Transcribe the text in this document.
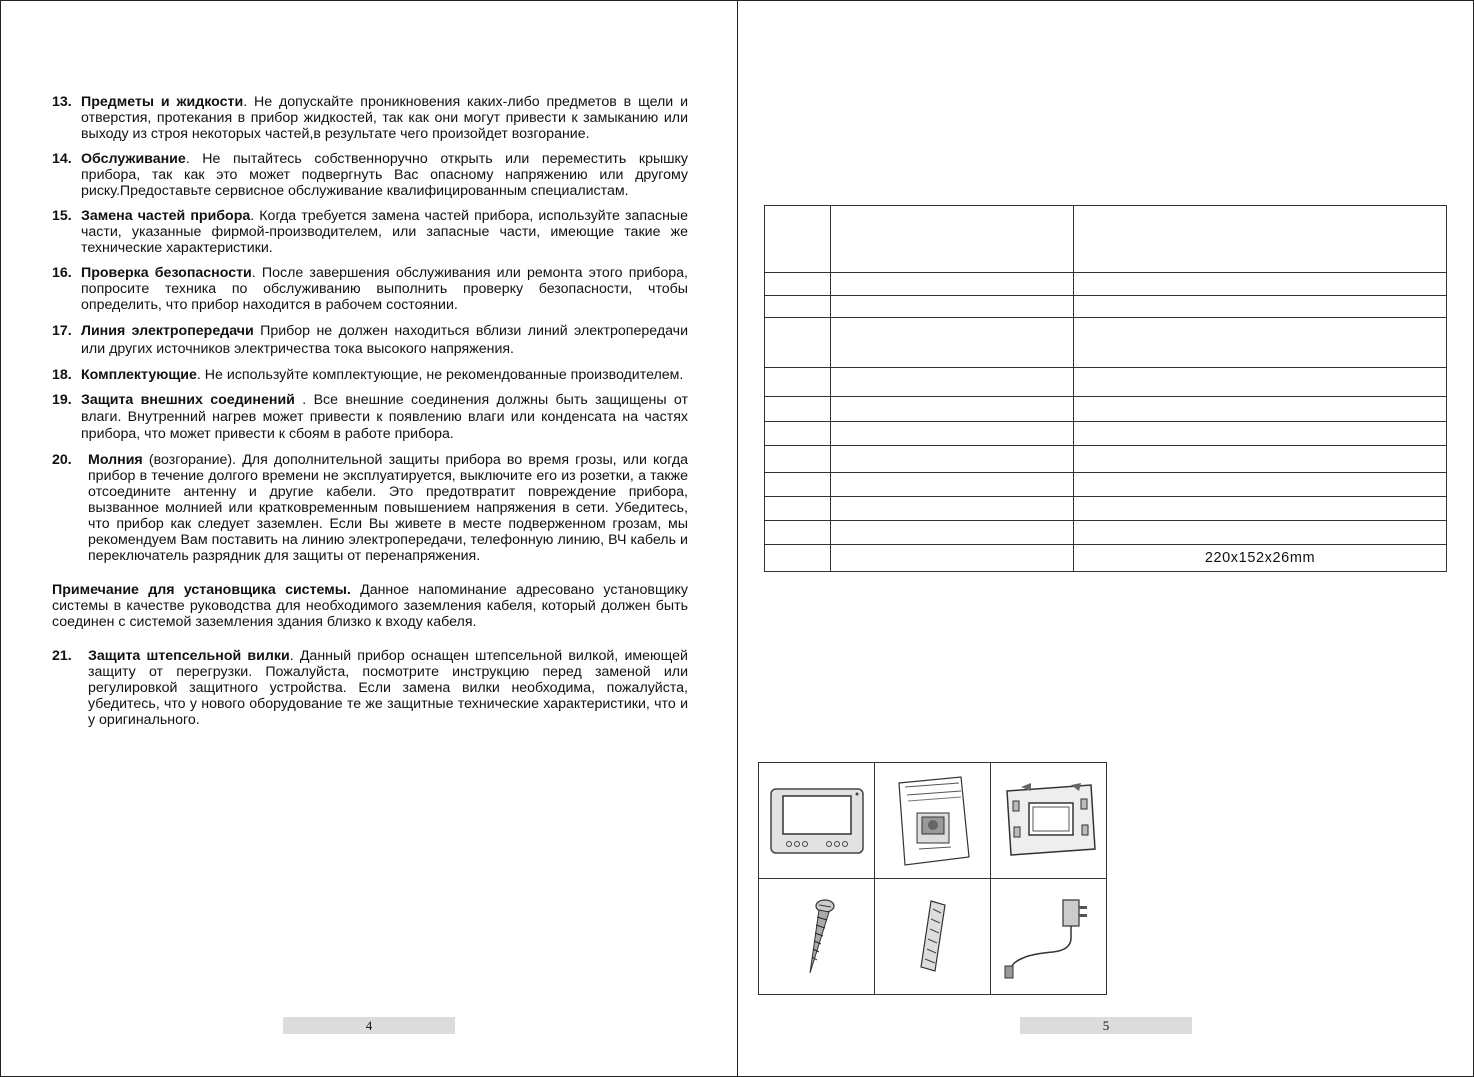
13. Предметы и жидкости. Не допускайте проникновения каких-либо предметов в щели и отверстия, протекания в прибор жидкостей, так как они могут привести к замыканию или выходу из строя некоторых частей,в результате чего произойдет возгорание.
14. Обслуживание. Не пытайтесь собственноручно открыть или переместить крышку прибора, так как это может подвергнуть Вас опасному напряжению или другому риску.Предоставьте сервисное обслуживание квалифицированным специалистам.
15. Замена частей прибора. Когда требуется замена частей прибора, используйте запасные части, указанные фирмой-производителем, или запасные части, имеющие такие же технические характеристики.
16. Проверка безопасности. После завершения обслуживания или ремонта этого прибора, попросите техника по обслуживанию выполнить проверку безопасности, чтобы определить, что прибор находится в рабочем состоянии.
17. Линия электропередачи Прибор не должен находиться вблизи линий электропередачи или других источников электричества тока высокого напряжения.
18. Комплектующие. Не используйте комплектующие, не рекомендованные производителем.
19. Защита внешних соединений . Все внешние соединения должны быть защищены от влаги. Внутренний нагрев может привести к появлению влаги или конденсата на частях прибора, что может привести к сбоям в работе прибора.
20. Молния (возгорание). Для дополнительной защиты прибора во время грозы, или когда прибор в течение долгого времени не эксплуатируется, выключите его из розетки, а также отсоедините антенну и другие кабели. Это предотвратит повреждение прибора, вызванное молнией или кратковременным повышением напряжения в сети. Убедитесь, что прибор как следует заземлен. Если Вы живете в месте подверженном грозам, мы рекомендуем Вам поставить на линию электропередачи, телефонную линию, ВЧ кабель и переключатель разрядник для защиты от перенапряжения.
Примечание для установщика системы. Данное напоминание адресовано установщику системы в качестве руководства для необходимого заземления кабеля, который должен быть соединен с системой заземления здания близко к входу кабеля.
21. Защита штепсельной вилки. Данный прибор оснащен штепсельной вилкой, имеющей защиту от перегрузки. Пожалуйста, посмотрите инструкцию перед заменой или регулировкой защитного устройства. Если замена вилки необходима, пожалуйста, убедитесь, что у нового оборудование те же защитные технические характеристики, что и у оригинального.
4

		220x152x26mm

5
